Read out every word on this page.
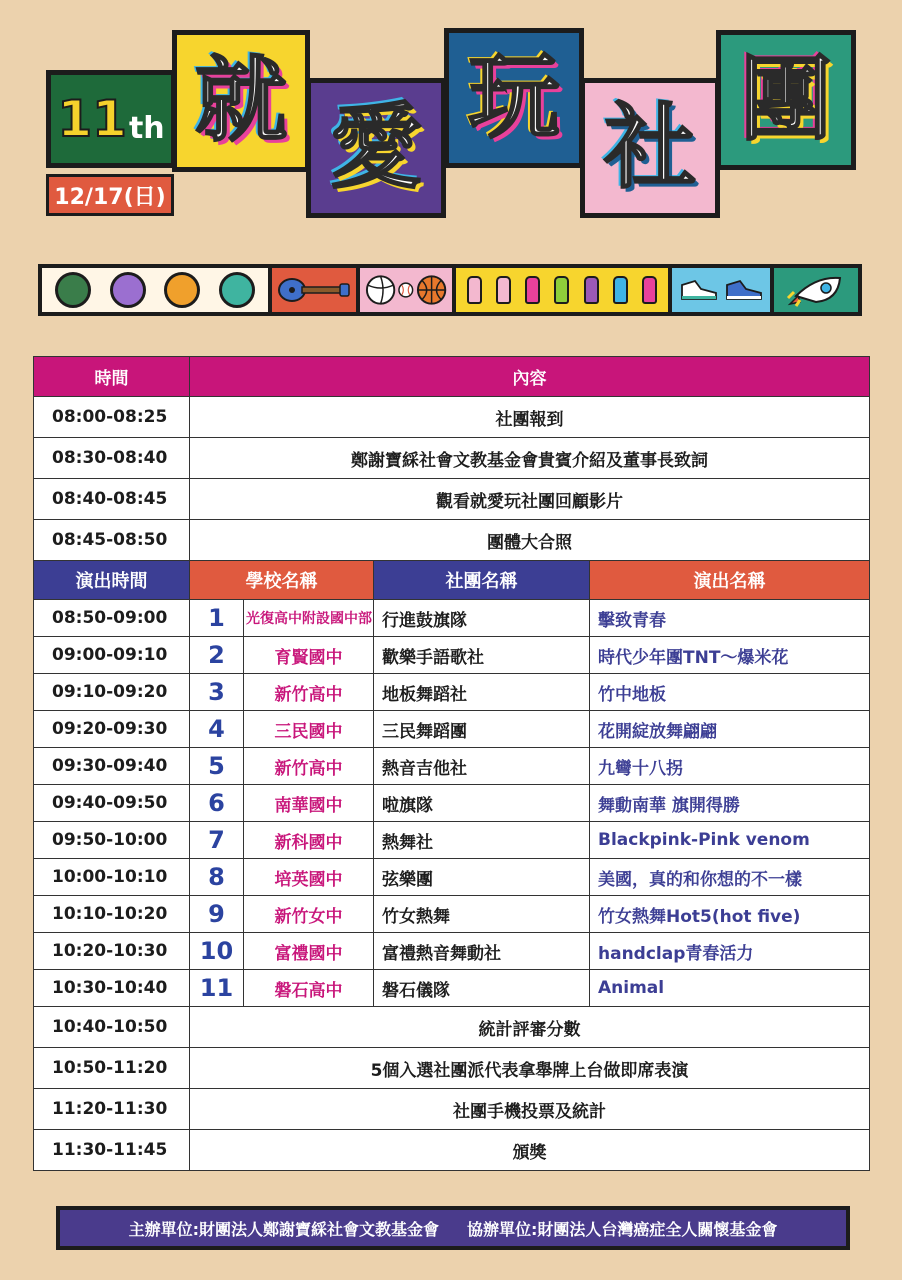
11 th
12/17(日)
就 愛 玩 社 團
時間	內容			
08:00-08:25	社團報到			
08:30-08:40	鄭謝寶綵社會文教基金會貴賓介紹及董事長致詞			
08:40-08:45	觀看就愛玩社團回顧影片			
08:45-08:50	團體大合照			
演出時間	學校名稱		社團名稱	演出名稱
08:50-09:00	1	光復高中附設國中部	行進鼓旗隊	擊致青春
09:00-09:10	2	育賢國中	歡樂手語歌社	時代少年團TNT～爆米花
09:10-09:20	3	新竹高中	地板舞蹈社	竹中地板
09:20-09:30	4	三民國中	三民舞蹈團	花開綻放舞翩翩
09:30-09:40	5	新竹高中	熱音吉他社	九彎十八拐
09:40-09:50	6	南華國中	啦旗隊	舞動南華 旗開得勝
09:50-10:00	7	新科國中	熱舞社	Blackpink-Pink venom
10:00-10:10	8	培英國中	弦樂團	美國，真的和你想的不一樣
10:10-10:20	9	新竹女中	竹女熱舞	竹女熱舞Hot5(hot five)
10:20-10:30	10	富禮國中	富禮熱音舞動社	handclap青春活力
10:30-10:40	11	磐石高中	磐石儀隊	Animal
10:40-10:50	統計評審分數			
10:50-11:20	5個入選社團派代表拿舉牌上台做即席表演			
11:20-11:30	社團手機投票及統計			
11:30-11:45	頒獎			
主辦單位:財團法人鄭謝寶綵社會文教基金會 協辦單位:財團法人台灣癌症全人關懷基金會
